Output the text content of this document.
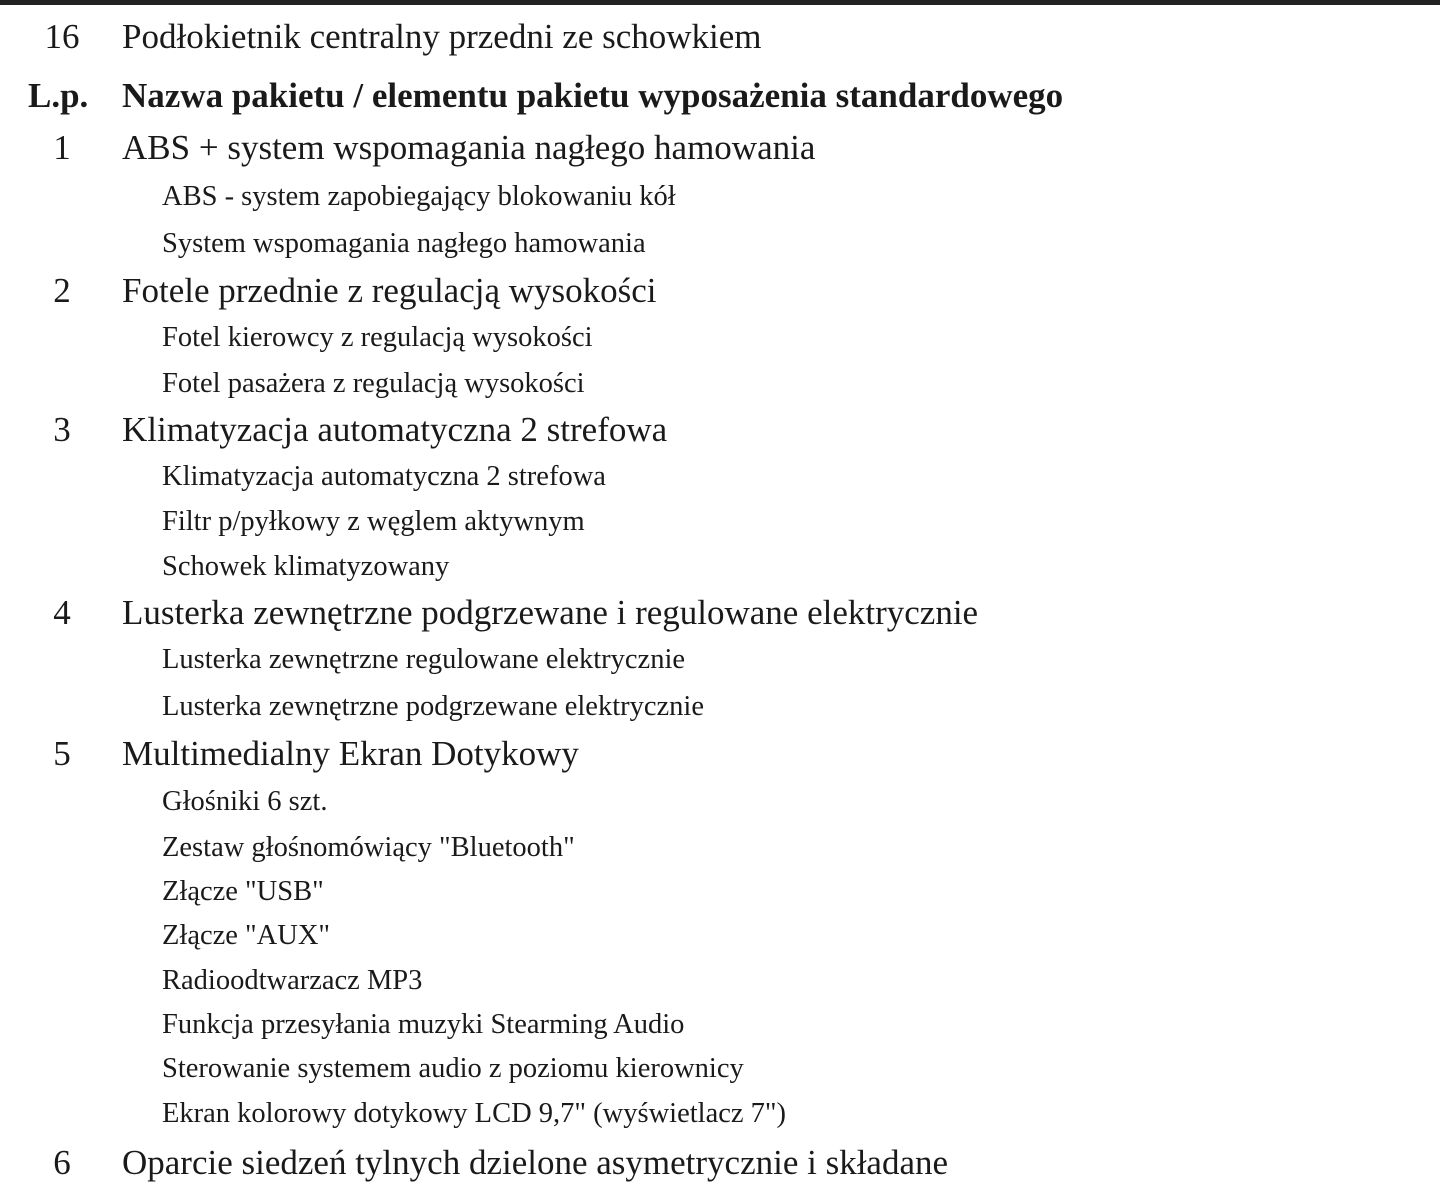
16	Podłokietnik centralny przedni ze schowkiem
L.p. Nazwa pakietu / elementu pakietu wyposażenia standardowego
1	ABS + system wspomagania nagłego hamowania
ABS - system zapobiegający blokowaniu kół
System wspomagania nagłego hamowania
2	Fotele przednie z regulacją wysokości
Fotel kierowcy z regulacją wysokości
Fotel pasażera z regulacją wysokości
3	Klimatyzacja automatyczna 2 strefowa
Klimatyzacja automatyczna 2 strefowa
Filtr p/pyłkowy z węglem aktywnym
Schowek klimatyzowany
4	Lusterka zewnętrzne podgrzewane i regulowane elektrycznie
Lusterka zewnętrzne regulowane elektrycznie
Lusterka zewnętrzne podgrzewane elektrycznie
5	Multimedialny Ekran Dotykowy
Głośniki 6 szt.
Zestaw głośnomówiący "Bluetooth"
Złącze "USB"
Złącze "AUX"
Radioodtwarzacz MP3
Funkcja przesyłania muzyki Stearming Audio
Sterowanie systemem audio z poziomu kierownicy
Ekran kolorowy dotykowy LCD 9,7" (wyświetlacz 7")
6	Oparcie siedzeń tylnych dzielone asymetrycznie i składane
